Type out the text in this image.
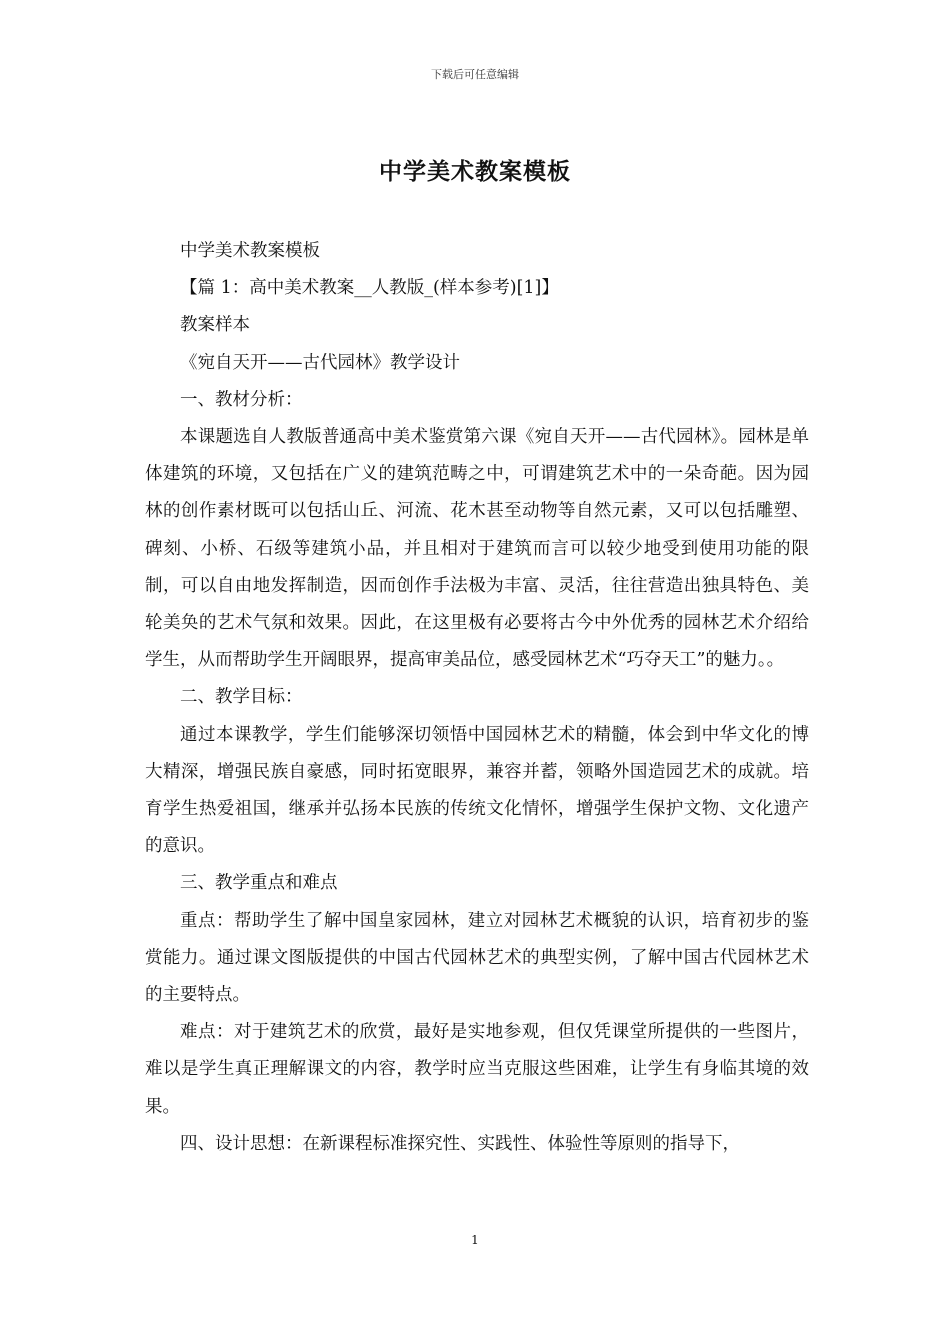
下载后可任意编辑
中学美术教案模板

中学美术教案模板

【篇 1：高中美术教案__人教版_(样本参考)[1]】

教案样本

《宛自天开——古代园林》教学设计

一、教材分析：

本课题选自人教版普通高中美术鉴赏第六课《宛自天开——古代园林》。园林是单体建筑的环境，又包括在广义的建筑范畴之中，可谓建筑艺术中的一朵奇葩。因为园林的创作素材既可以包括山丘、河流、花木甚至动物等自然元素，又可以包括雕塑、碑刻、小桥、石级等建筑小品，并且相对于建筑而言可以较少地受到使用功能的限制，可以自由地发挥制造，因而创作手法极为丰富、灵活，往往营造出独具特色、美轮美奂的艺术气氛和效果。因此，在这里极有必要将古今中外优秀的园林艺术介绍给学生，从而帮助学生开阔眼界，提高审美品位，感受园林艺术“巧夺天工”的魅力。。

二、教学目标：

通过本课教学，学生们能够深切领悟中国园林艺术的精髓，体会到中华文化的博大精深，增强民族自豪感，同时拓宽眼界，兼容并蓄，领略外国造园艺术的成就。培育学生热爱祖国，继承并弘扬本民族的传统文化情怀，增强学生保护文物、文化遗产的意识。

三、教学重点和难点

重点：帮助学生了解中国皇家园林，建立对园林艺术概貌的认识，培育初步的鉴赏能力。通过课文图版提供的中国古代园林艺术的典型实例，了解中国古代园林艺术的主要特点。

难点：对于建筑艺术的欣赏，最好是实地参观，但仅凭课堂所提供的一些图片，难以是学生真正理解课文的内容，教学时应当克服这些困难，让学生有身临其境的效果。

四、设计思想：在新课程标准探究性、实践性、体验性等原则的指导下，

1
